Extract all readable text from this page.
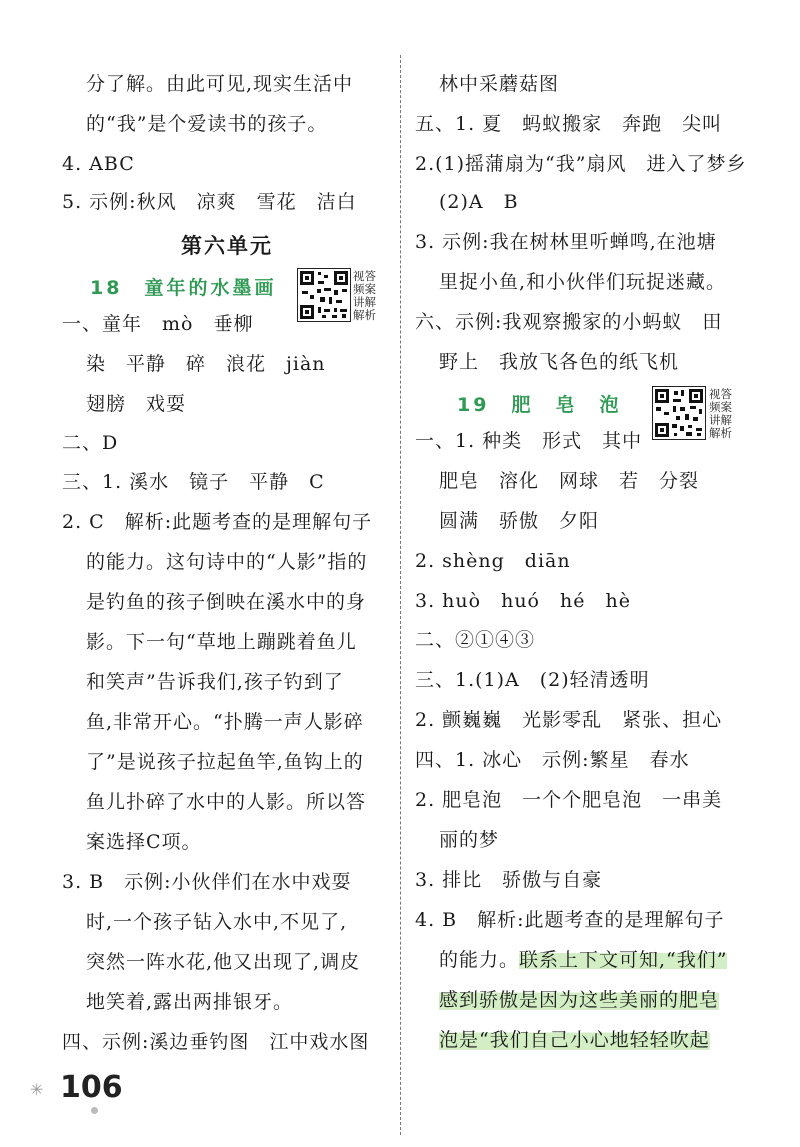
分了解。由此可见,现实生活中
的“我”是个爱读书的孩子。
4. ABC
5. 示例:秋风　凉爽　雪花　洁白
第六单元
18　童年的水墨画
视答频案讲解解析
一、童年　mò　垂柳
染　平静　碎　浪花　jiàn
翅膀　戏耍
二、D
三、1. 溪水　镜子　平静　C
2. C　解析:此题考查的是理解句子
的能力。这句诗中的“人影”指的
是钓鱼的孩子倒映在溪水中的身
影。下一句“草地上蹦跳着鱼儿
和笑声”告诉我们,孩子钓到了
鱼,非常开心。“扑腾一声人影碎
了”是说孩子拉起鱼竿,鱼钩上的
鱼儿扑碎了水中的人影。所以答
案选择C项。
3. B　示例:小伙伴们在水中戏耍
时,一个孩子钻入水中,不见了,
突然一阵水花,他又出现了,调皮
地笑着,露出两排银牙。
四、示例:溪边垂钓图　江中戏水图
林中采蘑菇图
五、1. 夏　蚂蚁搬家　奔跑　尖叫
2.(1)摇蒲扇为“我”扇风　进入了梦乡
(2)A　B
3. 示例:我在树林里听蝉鸣,在池塘
里捉小鱼,和小伙伴们玩捉迷藏。
六、示例:我观察搬家的小蚂蚁　田
野上　我放飞各色的纸飞机
19　肥　皂　泡	视答频案讲解解析
一、1. 种类　形式　其中
肥皂　溶化　网球　若　分裂
圆满　骄傲　夕阳
2. shèng　diān
3. huò　huó　hé　hè
二、②①④③
三、1.(1)A　(2)轻清透明
2. 颤巍巍　光影零乱　紧张、担心
四、1. 冰心　示例:繁星　春水
2. 肥皂泡　一个个肥皂泡　一串美
丽的梦
3. 排比　骄傲与自豪
4. B　解析:此题考查的是理解句子
的能力。联系上下文可知,“我们”
感到骄傲是因为这些美丽的肥皂
泡是“我们自己小心地轻轻吹起
✳ 106
